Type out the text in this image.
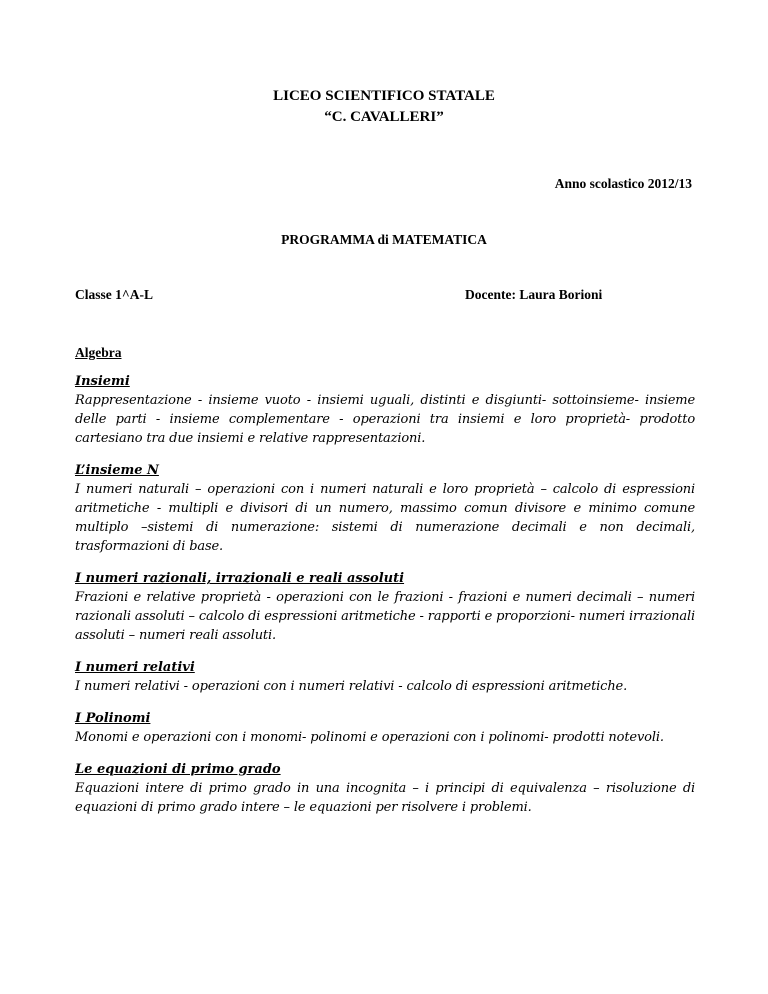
LICEO SCIENTIFICO STATALE
“C. CAVALLERI”
Anno scolastico 2012/13
PROGRAMMA di MATEMATICA
Classe 1^A-L	Docente: Laura Borioni
Algebra
Insiemi
Rappresentazione - insieme vuoto - insiemi uguali, distinti e disgiunti- sottoinsieme- insieme delle parti - insieme complementare - operazioni tra insiemi e loro proprietà- prodotto cartesiano tra due insiemi e relative rappresentazioni.
L’insieme N
I numeri naturali – operazioni con i numeri naturali e loro proprietà – calcolo di espressioni aritmetiche - multipli e divisori di un numero, massimo comun divisore e minimo comune multiplo –sistemi di numerazione: sistemi di numerazione decimali e non decimali, trasformazioni di base.
I numeri razionali, irrazionali e reali assoluti
Frazioni e relative proprietà - operazioni con le frazioni - frazioni e numeri decimali – numeri razionali assoluti – calcolo di espressioni aritmetiche - rapporti e proporzioni- numeri irrazionali assoluti – numeri reali assoluti.
I numeri relativi
I numeri relativi - operazioni con i numeri relativi - calcolo di espressioni aritmetiche.
I Polinomi
Monomi e operazioni con i monomi- polinomi e operazioni con i polinomi- prodotti notevoli.
Le equazioni di primo grado
Equazioni intere di primo grado in una incognita – i principi di equivalenza – risoluzione di equazioni di primo grado intere – le equazioni per risolvere i problemi.
